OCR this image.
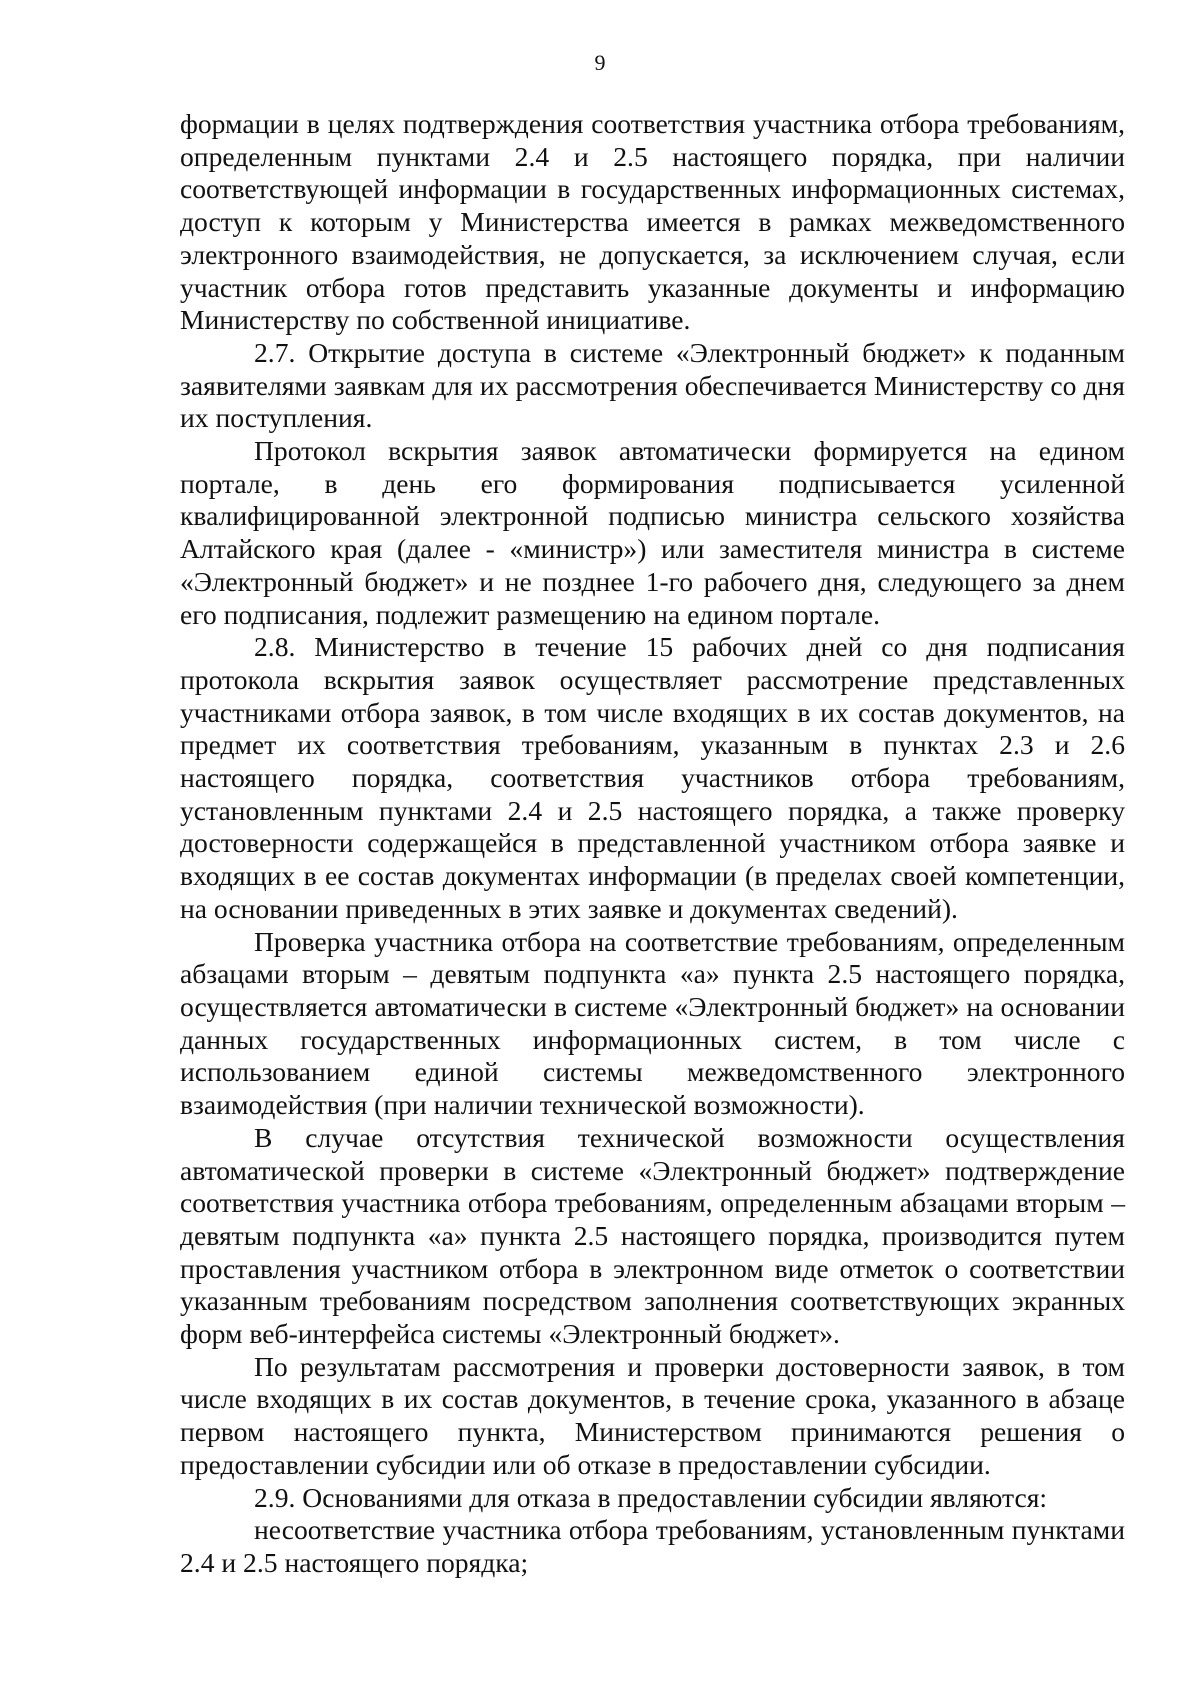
9

формации в целях подтверждения соответствия участника отбора требованиям, определенным пунктами 2.4 и 2.5 настоящего порядка, при наличии соответствующей информации в государственных информационных системах, доступ к которым у Министерства имеется в рамках межведомственного электронного взаимодействия, не допускается, за исключением случая, если участник отбора готов представить указанные документы и информацию Министерству по собственной инициативе.

2.7. Открытие доступа в системе «Электронный бюджет» к поданным заявителями заявкам для их рассмотрения обеспечивается Министерству со дня их поступления.

Протокол вскрытия заявок автоматически формируется на едином портале, в день его формирования подписывается усиленной квалифицированной электронной подписью министра сельского хозяйства Алтайского края (далее - «министр») или заместителя министра в системе «Электронный бюджет» и не позднее 1-го рабочего дня, следующего за днем его подписания, подлежит размещению на едином портале.

2.8. Министерство в течение 15 рабочих дней со дня подписания протокола вскрытия заявок осуществляет рассмотрение представленных участниками отбора заявок, в том числе входящих в их состав документов, на предмет их соответствия требованиям, указанным в пунктах 2.3 и 2.6 настоящего порядка, соответствия участников отбора требованиям, установленным пунктами 2.4 и 2.5 настоящего порядка, а также проверку достоверности содержащейся в представленной участником отбора заявке и входящих в ее состав документах информации (в пределах своей компетенции, на основании приведенных в этих заявке и документах сведений).

Проверка участника отбора на соответствие требованиям, определенным абзацами вторым – девятым подпункта «а» пункта 2.5 настоящего порядка, осуществляется автоматически в системе «Электронный бюджет» на основании данных государственных информационных систем, в том числе с использованием единой системы межведомственного электронного взаимодействия (при наличии технической возможности).

В случае отсутствия технической возможности осуществления автоматической проверки в системе «Электронный бюджет» подтверждение соответствия участника отбора требованиям, определенным абзацами вторым – девятым подпункта «а» пункта 2.5 настоящего порядка, производится путем проставления участником отбора в электронном виде отметок о соответствии указанным требованиям посредством заполнения соответствующих экранных форм веб-интерфейса системы «Электронный бюджет».

По результатам рассмотрения и проверки достоверности заявок, в том числе входящих в их состав документов, в течение срока, указанного в абзаце первом настоящего пункта, Министерством принимаются решения о предоставлении субсидии или об отказе в предоставлении субсидии.

2.9. Основаниями для отказа в предоставлении субсидии являются:

несоответствие участника отбора требованиям, установленным пунктами 2.4 и 2.5 настоящего порядка;
